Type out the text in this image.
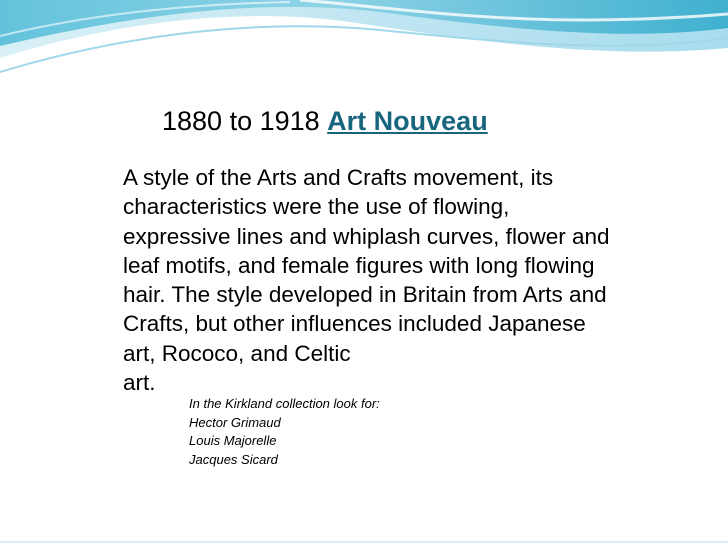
1880 to 1918 Art Nouveau
A style of the Arts and Crafts movement, its
characteristics were the use of flowing,
expressive lines and whiplash curves, flower and
leaf motifs, and female figures with long flowing
hair. The style developed in Britain from Arts and
Crafts, but other influences included Japanese
art, Rococo, and Celtic
art.
In the Kirkland collection look for:
Hector Grimaud
Louis Majorelle
Jacques Sicard
